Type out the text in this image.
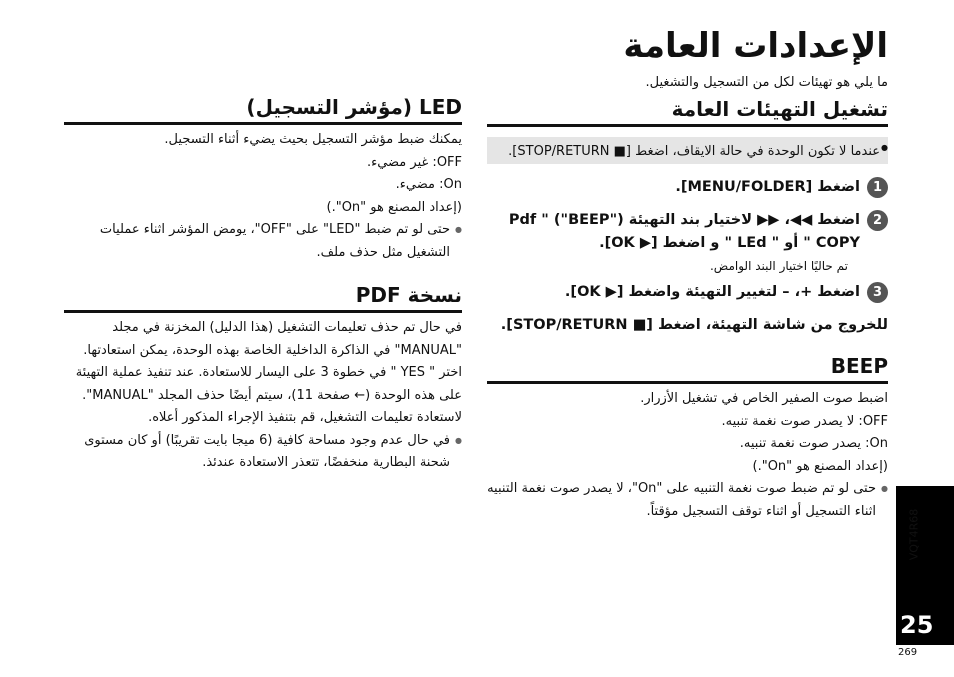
الإعدادات العامة

ما يلي هو تهيئات لكل من التسجيل والتشغيل.

تشغيل التهيئات العامة
● عندما لا تكون الوحدة في حالة الايقاف، اضغط [■ STOP/RETURN].

1
اضغط [MENU/FOLDER].

2
اضغط ◀◀، ▶▶ لاختيار بند التهيئة ("BEEP") " Pdf COPY " أو " LEd " و اضغط [▶ OK].

تم حاليًا اختيار البند الوامض.

3
اضغط +، – لتغيير التهيئة واضغط [▶ OK].

للخروج من شاشة التهيئة، اضغط [■ STOP/RETURN].

BEEP

اضبط صوت الصفير الخاص في تشغيل الأزرار.

OFF: لا يصدر صوت نغمة تنبيه.

On: يصدر صوت نغمة تنبيه.

(إعداد المصنع هو "On".)

● حتى لو تم ضبط صوت نغمة التنبيه على "On"، لا يصدر صوت نغمة التنبيه اثناء التسجيل أو اثناء توقف التسجيل مؤقتاً.

LED (مؤشر التسجيل)

يمكنك ضبط مؤشر التسجيل بحيث يضيء أثناء التسجيل.

OFF: غير مضيء.

On: مضيء.

(إعداد المصنع هو "On".)

● حتى لو تم ضبط "LED" على "OFF"، يومض المؤشر اثناء عمليات التشغيل مثل حذف ملف.

نسخة PDF

في حال تم حذف تعليمات التشغيل (هذا الدليل) المخزنة في مجلد "MANUAL" في الذاكرة الداخلية الخاصة بهذه الوحدة، يمكن استعادتها. اختر " YES " في خطوة 3 على اليسار للاستعادة. عند تنفيذ عملية التهيئة على هذه الوحدة (← صفحة 11)، سيتم أيضًا حذف المجلد "MANUAL". لاستعادة تعليمات التشغيل، قم بتنفيذ الإجراء المذكور أعلاه.

● في حال عدم وجود مساحة كافية (6 ميجا بايت تقريبًا) أو كان مستوى شحنة البطارية منخفضًا، تتعذر الاستعادة عندئذ.

VQT4R68
25
269
